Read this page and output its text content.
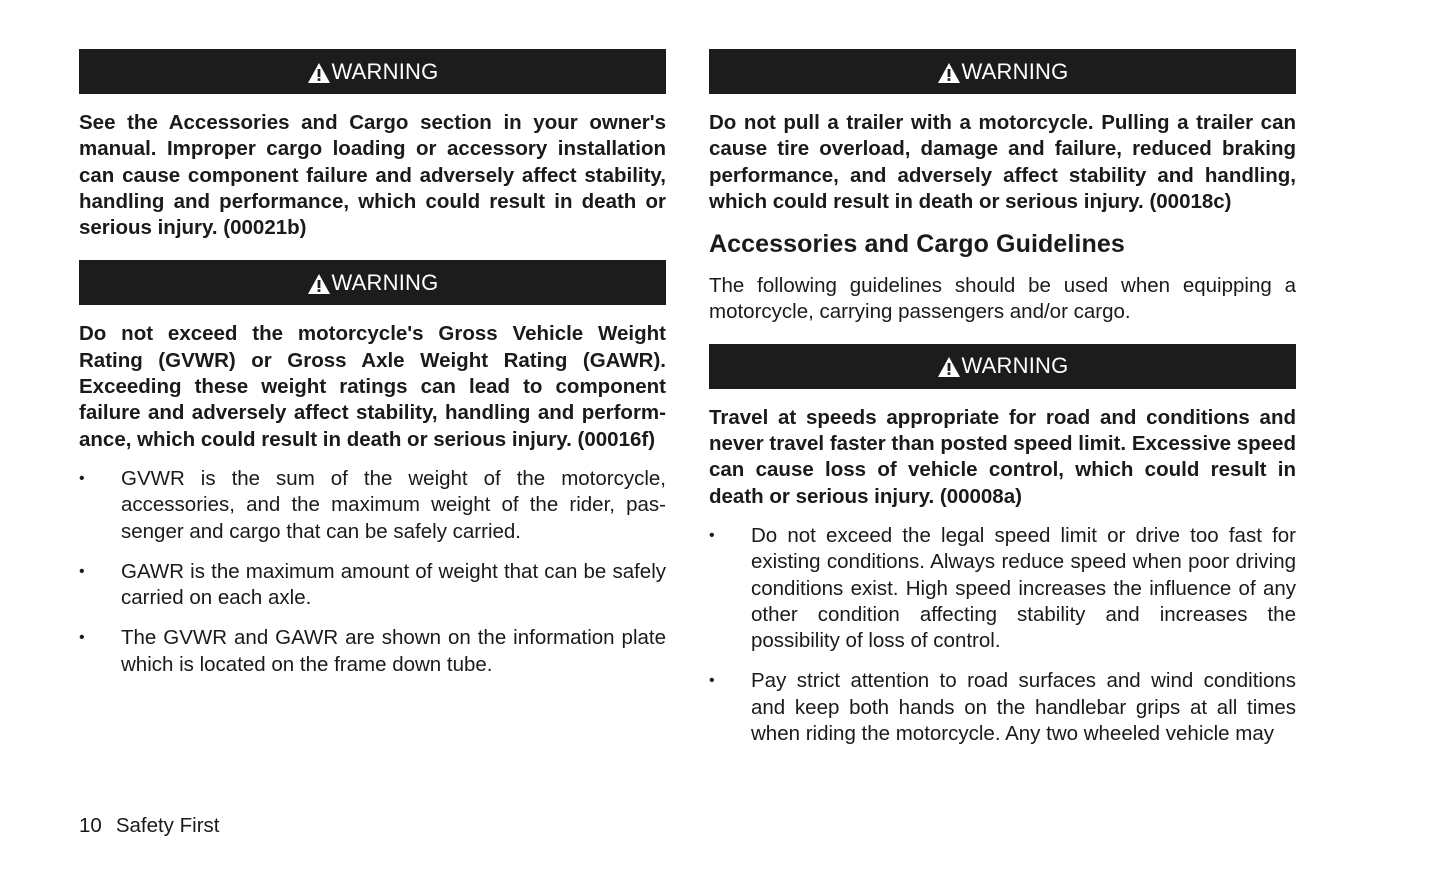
WARNING

See the Accessories and Cargo section in your owner's manual. Improper cargo loading or accessory installation can cause component failure and adversely affect stability, handling and performance, which could result in death or serious injury. (00021b)

WARNING

Do not exceed the motorcycle's Gross Vehicle Weight Rating (GVWR) or Gross Axle Weight Rating (GAWR). Exceeding these weight ratings can lead to component failure and adversely affect stability, handling and perform-ance, which could result in death or serious injury. (00016f)

•	GVWR is the sum of the weight of the motorcycle, accessories, and the maximum weight of the rider, pas-senger and cargo that can be safely carried.
•	GAWR is the maximum amount of weight that can be safely carried on each axle.
•	The GVWR and GAWR are shown on the information plate which is located on the frame down tube.
WARNING

Do not pull a trailer with a motorcycle. Pulling a trailer can cause tire overload, damage and failure, reduced braking performance, and adversely affect stability and handling, which could result in death or serious injury. (00018c)

Accessories and Cargo Guidelines

The following guidelines should be used when equipping a motorcycle, carrying passengers and/or cargo.

WARNING

Travel at speeds appropriate for road and conditions and never travel faster than posted speed limit. Excessive speed can cause loss of vehicle control, which could result in death or serious injury. (00008a)

•	Do not exceed the legal speed limit or drive too fast for existing conditions. Always reduce speed when poor driving conditions exist. High speed increases the influence of any other condition affecting stability and increases the possibility of loss of control.
•	Pay strict attention to road surfaces and wind conditions and keep both hands on the handlebar grips at all times when riding the motorcycle. Any two wheeled vehicle may
10 Safety First
